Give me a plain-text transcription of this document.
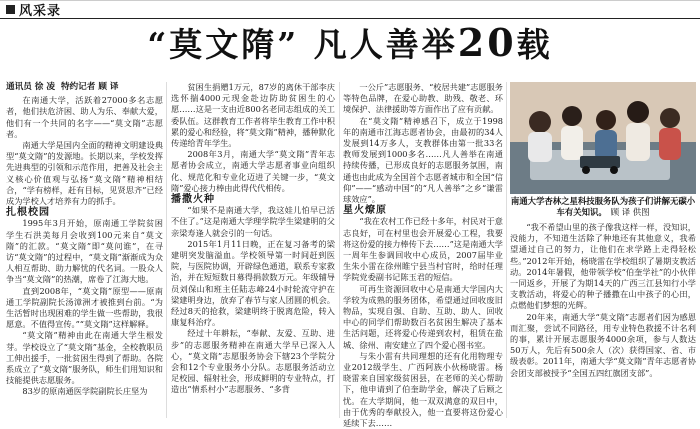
风采录
“莫文隋” 凡人善举20载

通讯员 徐 凌 特约记者 顾 译

在南通大学，活跃着27000多名志愿者，他们扶危济困、助人为乐、奉献大爱，他们有一个共同的名字——“莫文隋”志愿者。

南通大学是国内全面的精神文明建设典型“莫文隋”的发源地。长期以来，学校发挥先进典型的引领和示范作用，把善及社会主义核心价值观与弘扬“莫文隋”精神相结合，“学有榜样，赶有目标，见贤思齐”已经成为学校人才培养有力的抓手。

扎根校园

1995年3月开始，原南通工学院贫困学生石洪美每月会收到100元来自“莫文隋”的汇款。“莫文隋”即“莫问谁”，在寻访“莫文隋”的过程中，“莫文隋”渐渐成为众人相互帮助、助力解忧的代名词。一股众人争当“莫文隋”的热潮，席卷了江海大地。

直到2008年，“莫文隋”原型——原南通工学院副院长汤漳洲才被推到台前。“为生活暂时出现困难的学生做一些帮助，我很愿意。不值得宣传。”“莫文隋”这样解释。

“莫文隋”精神由此在南通大学生根发芽。学校设立了“莫文隋”基金，全校教职员工伸出援手，一批贫困生得到了帮助。各院系成立了“莫文隋”服务队，师生们用知识和技能提供志愿服务。

83岁的原南通医学院副院长庄坚为

贫困生捐赠1万元，87岁的离休干部李庆选怀揣4000元现金赴边防助贫困生的心愿……这是一支由近800名老同志组成的关工委队伍。这群教育工作者将毕生教育工作中积累的爱心和经验，将“莫文隋”精神，播种默化传递给青年学生。

2008年3月，南通大学“莫文隋”青年志愿者协会成立，南通大学志愿者事业向组织化、规范化和专业化迈进了关键一步，“莫文隋”爱心接力棒由此得代代相传。

播撒火种

“如果不是南通大学，我这娃儿怕早已活不住了。”这是南通大学理学院学生梁建明的父亲梁寿逢人就会引的一句话。

2015年1月11日晚，正在复习备考的梁建明突发脑溢血。学校领导第一时间赶到医院，与医院协调，开辟绿色通道，联系专家救治，并在短短数日募得捐款数万元。年级辅导员刘保山和班主任陆志峰24小时轮流守护在梁建明身边，放弃了春节与家人团圆的机会。经过8天的抢救，梁建明终于脱离危险，转入康复科治疗。

经过十年耕耘，“奉献、友爱、互助、进步”的志愿服务精神在南通大学早已深入人心，“莫文隋”志愿服务协会下辖23个学院分会和12个专业服务小分队。志愿服务活动立足校园、辐射社会，形成鲜明的专业特点，打造出“情系村小”志愿服务、“多背

一公斤”志愿服务、“校居共建”志愿服务等特色品牌，在爱心助教、助残、敬老、环境保护、法律援助等方面作出了应有贡献。

在“莫文隋”精神感召下，成立于1998年的南通市江海志愿者协会，由最初的34人发展到14万多人，支教群体由第一批33名教师发展到1000多名……凡人善举在南通持续传播，已形成良好的志愿服务氛围，南通也由此成为全国首个志愿者城市和全国“信仰”——“感动中国”的“凡人善举”之乡“谦雷球效应”。

星火燎原

“我在农村工作已经十多年，村民对于意志良好，可在村里也会开展爱心工程，我要将这份爱的接力棒传下去……”这是南通大学一周年生参调回收中心成员，2007届毕业生朱小雷在徐州睢宁县当村官时，给时任理学院党委副书记陈玉君的短信。

可再生资源回收中心是南通大学国内大学较为成熟的服务团体，希望通过回收废旧物品，实现自强、自助、互助、助人、回收中心的同学们帮助数百名贫困生解决了基本生活问题，还将爱心传递到农村，租赁在盐城、徐州、南安建立了四个爱心图书室。

与朱小雷有共同理想的还有化用物理专业2012级学生、广西阿族小伙杨晓雷。杨晓雷来自国家级贫困县，在老师的关心帮助下，他申请到了伯奎助学金，解决了后顾之忧。在大学期间，他一双双满意的双目中，由于优秀的奉献投入，他一直要将这份爱心延续下去……

南通大学杏林之星科技服务队为孩子们讲解无碳小车有关知识。 顾 译 供图

“我不希望山里的孩子像我这样一样，没知识，没能力，不知道生活除了种地还有其他意义，我希望通过自己的努力，让他们在求学路上走得轻松些。”2012年开始，杨晓雷在学校组织了暑期支教活动。2014年暑假，他带领学校“伯奎学社”的小伙伴一同返乡，开展了为期14天的广西三江县知行小学支教活动，将爱心的种子播撒在山中孩子的心田，点燃他们梦想的光辉。

20年来，南通大学“莫文隋”志愿者们因为感恩而汇聚，尝试不同路径，用专业特色救援不计名利的事，累计开展志愿服务4000余项，参与人数达50万人，先后有500余人（次）获得国家、省、市级表彰。2011年，南通大学“莫文隋”青年志愿者协会团支部被授予“全国五四红旗团支部”。
